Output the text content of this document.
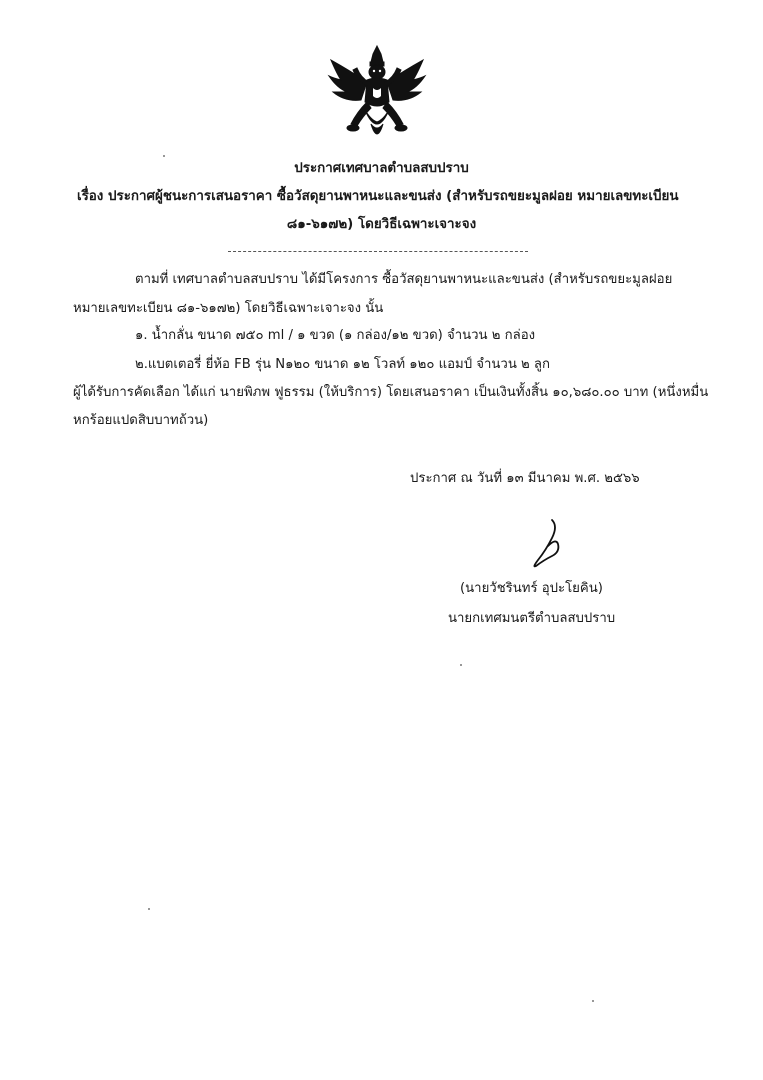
ประกาศเทศบาลตำบลสบปราบ
เรื่อง ประกาศผู้ชนะการเสนอราคา ซื้อวัสดุยานพาหนะและขนส่ง (สำหรับรถขยะมูลฝอย หมายเลขทะเบียน
๘๑-๖๑๗๒) โดยวิธีเฉพาะเจาะจง
ตามที่ เทศบาลตำบลสบปราบ ได้มีโครงการ ซื้อวัสดุยานพาหนะและขนส่ง (สำหรับรถขยะมูลฝอย
หมายเลขทะเบียน ๘๑-๖๑๗๒) โดยวิธีเฉพาะเจาะจง นั้น
๑. น้ำกลั่น ขนาด ๗๕๐ ml / ๑ ขวด (๑ กล่อง/๑๒ ขวด) จำนวน ๒ กล่อง
๒.แบตเตอรี่ ยี่ห้อ FB รุ่น N๑๒๐ ขนาด ๑๒ โวลท์ ๑๒๐ แอมป์ จำนวน ๒ ลูก
ผู้ได้รับการคัดเลือก ได้แก่ นายพิภพ ฟูธรรม (ให้บริการ) โดยเสนอราคา เป็นเงินทั้งสิ้น ๑๐,๖๘๐.๐๐ บาท (หนึ่งหมื่น
หกร้อยแปดสิบบาทถ้วน)
ประกาศ ณ วันที่ ๑๓ มีนาคม พ.ศ. ๒๕๖๖
(นายวัชรินทร์ อุปะโยคิน)
นายกเทศมนตรีตำบลสบปราบ
